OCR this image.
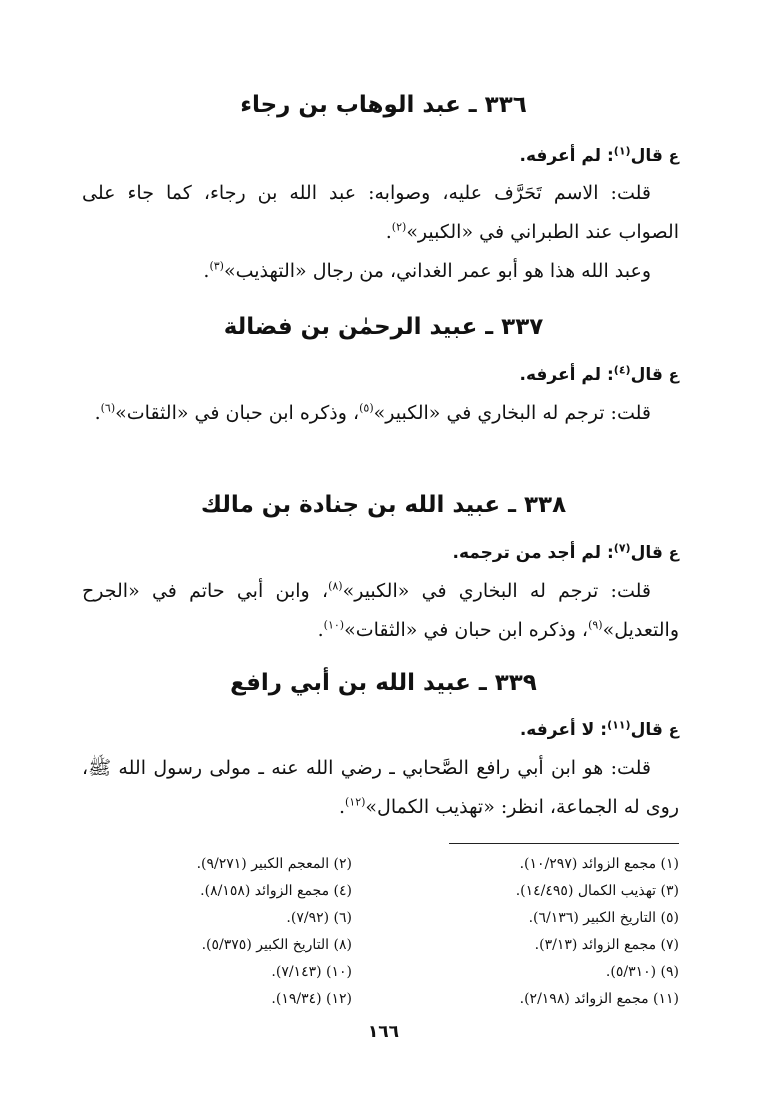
٣٣٦ ـ عبد الوهاب بن رجاء
ع قال$^{(١)}$: لم أعرفه.
قلت: الاسم تَحَرَّف عليه، وصوابه: عبد الله بن رجاء، كما جاء على الصواب عند الطبراني في «الكبير»$^{(٢)}$.
وعبد الله هذا هو أبو عمر الغداني، من رجال «التهذيب»$^{(٣)}$.
٣٣٧ ـ عبيد الرحمٰن بن فضالة
ع قال$^{(٤)}$: لم أعرفه.
قلت: ترجم له البخاري في «الكبير»$^{(٥)}$، وذكره ابن حبان في «الثقات»$^{(٦)}$.
٣٣٨ ـ عبيد الله بن جنادة بن مالك
ع قال$^{(٧)}$: لم أجد من ترجمه.
قلت: ترجم له البخاري في «الكبير»$^{(٨)}$، وابن أبي حاتم في «الجرح والتعديل»$^{(٩)}$، وذكره ابن حبان في «الثقات»$^{(١٠)}$.
٣٣٩ ـ عبيد الله بن أبي رافع
ع قال$^{(١١)}$: لا أعرفه.
قلت: هو ابن أبي رافع الصَّحابي ـ رضي الله عنه ـ مولى رسول الله ﷺ، روى له الجماعة، انظر: «تهذيب الكمال»$^{(١٢)}$.
(١) مجمع الزوائد (١٠/٢٩٧).
(٣) تهذيب الكمال (١٤/٤٩٥).
(٥) التاريخ الكبير (٦/١٣٦).
(٧) مجمع الزوائد (٣/١٣).
(٩) (٥/٣١٠).
(١١) مجمع الزوائد (٢/١٩٨).
(٢) المعجم الكبير (٩/٢٧١).
(٤) مجمع الزوائد (٨/١٥٨).
(٦) (٧/٩٢).
(٨) التاريخ الكبير (٥/٣٧٥).
(١٠) (٧/١٤٣).
(١٢) (١٩/٣٤).
١٦٦
